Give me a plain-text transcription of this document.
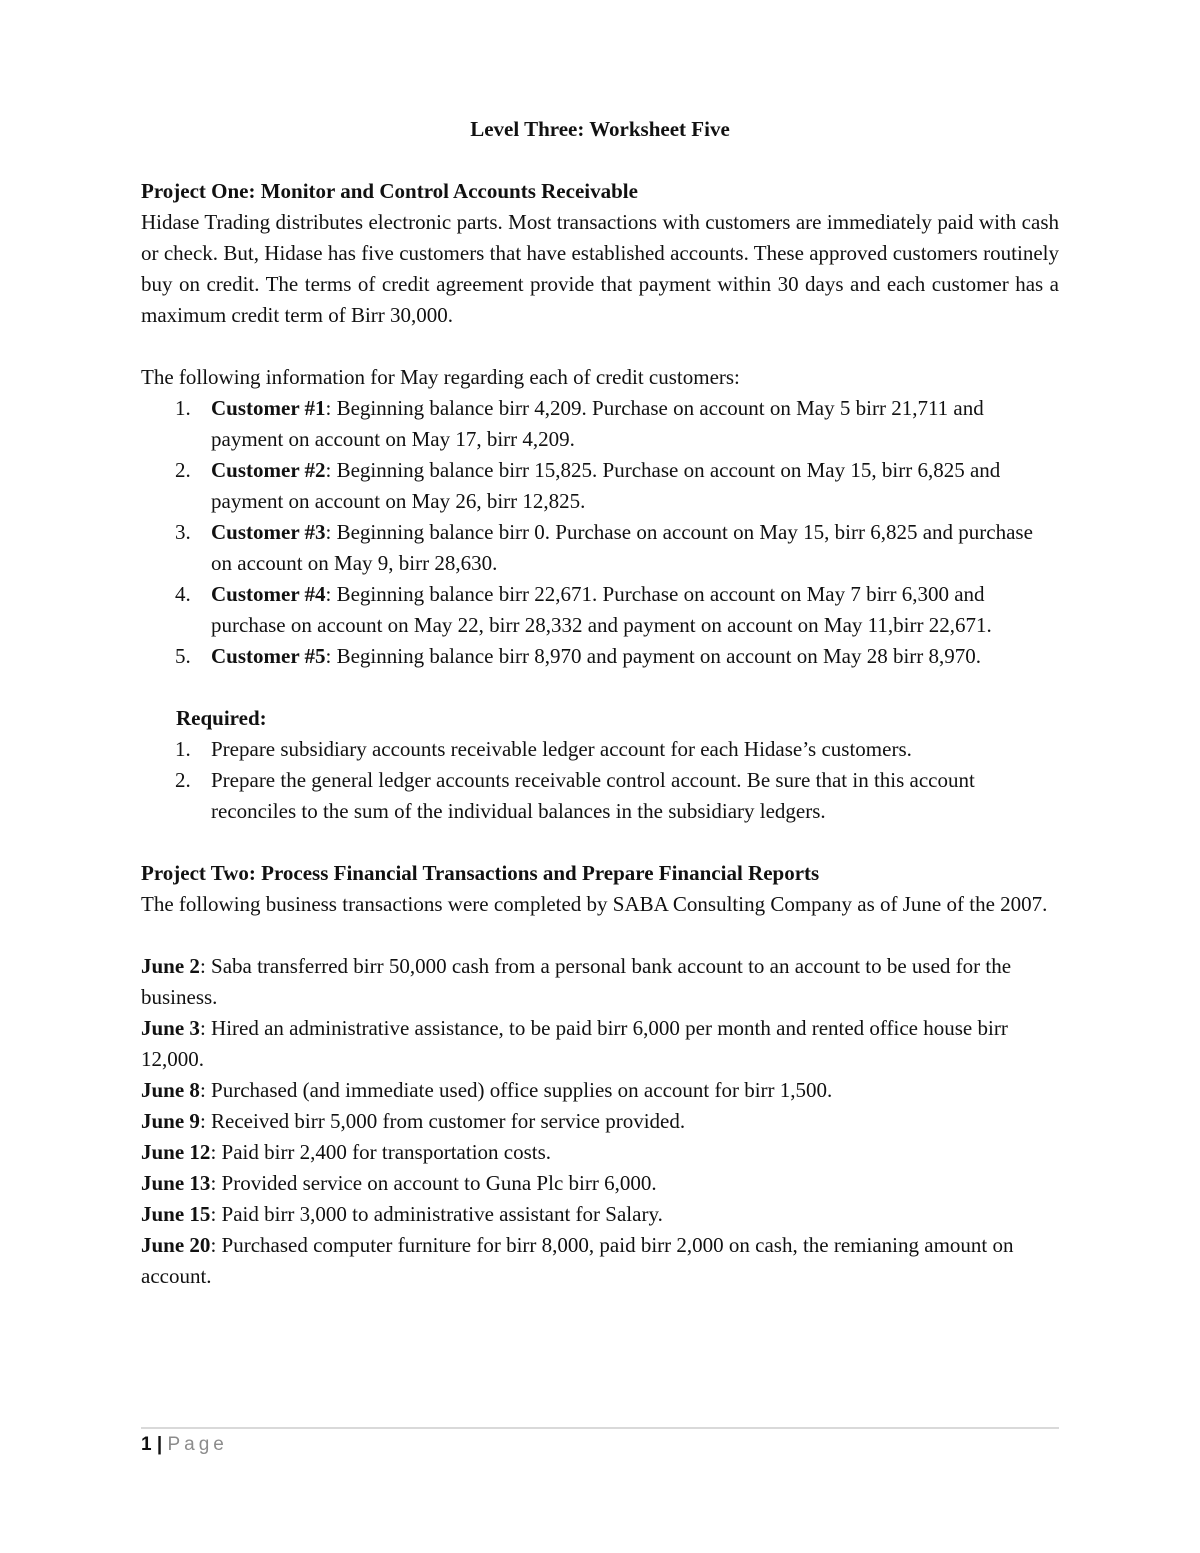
Level Three: Worksheet Five

Project One: Monitor and Control Accounts Receivable

Hidase Trading distributes electronic parts. Most transactions with customers are immediately paid with cash or check. But, Hidase has five customers that have established accounts. These approved customers routinely buy on credit. The terms of credit agreement provide that payment within 30 days and each customer has a maximum credit term of Birr 30,000.

The following information for May regarding each of credit customers:

1. Customer #1: Beginning balance birr 4,209. Purchase on account on May 5 birr 21,711 and payment on account on May 17, birr 4,209.
2. Customer #2: Beginning balance birr 15,825. Purchase on account on May 15, birr 6,825 and payment on account on May 26, birr 12,825.
3. Customer #3: Beginning balance birr 0. Purchase on account on May 15, birr 6,825 and purchase on account on May 9, birr 28,630.
4. Customer #4: Beginning balance birr 22,671. Purchase on account on May 7 birr 6,300 and purchase on account on May 22, birr 28,332 and payment on account on May 11,birr 22,671.
5. Customer #5: Beginning balance birr 8,970 and payment on account on May 28 birr 8,970.

Required:

1. Prepare subsidiary accounts receivable ledger account for each Hidase’s customers.
2. Prepare the general ledger accounts receivable control account. Be sure that in this account reconciles to the sum of the individual balances in the subsidiary ledgers.

Project Two: Process Financial Transactions and Prepare Financial Reports

The following business transactions were completed by SABA Consulting Company as of June of the 2007.

June 2: Saba transferred birr 50,000 cash from a personal bank account to an account to be used for the business.

June 3: Hired an administrative assistance, to be paid birr 6,000 per month and rented office house birr 12,000.

June 8: Purchased (and immediate used) office supplies on account for birr 1,500.

June 9: Received birr 5,000 from customer for service provided.

June 12: Paid birr 2,400 for transportation costs.

June 13: Provided service on account to Guna Plc birr 6,000.

June 15: Paid birr 3,000 to administrative assistant for Salary.

June 20: Purchased computer furniture for birr 8,000, paid birr 2,000 on cash, the remianing amount on account.

1 | Page
